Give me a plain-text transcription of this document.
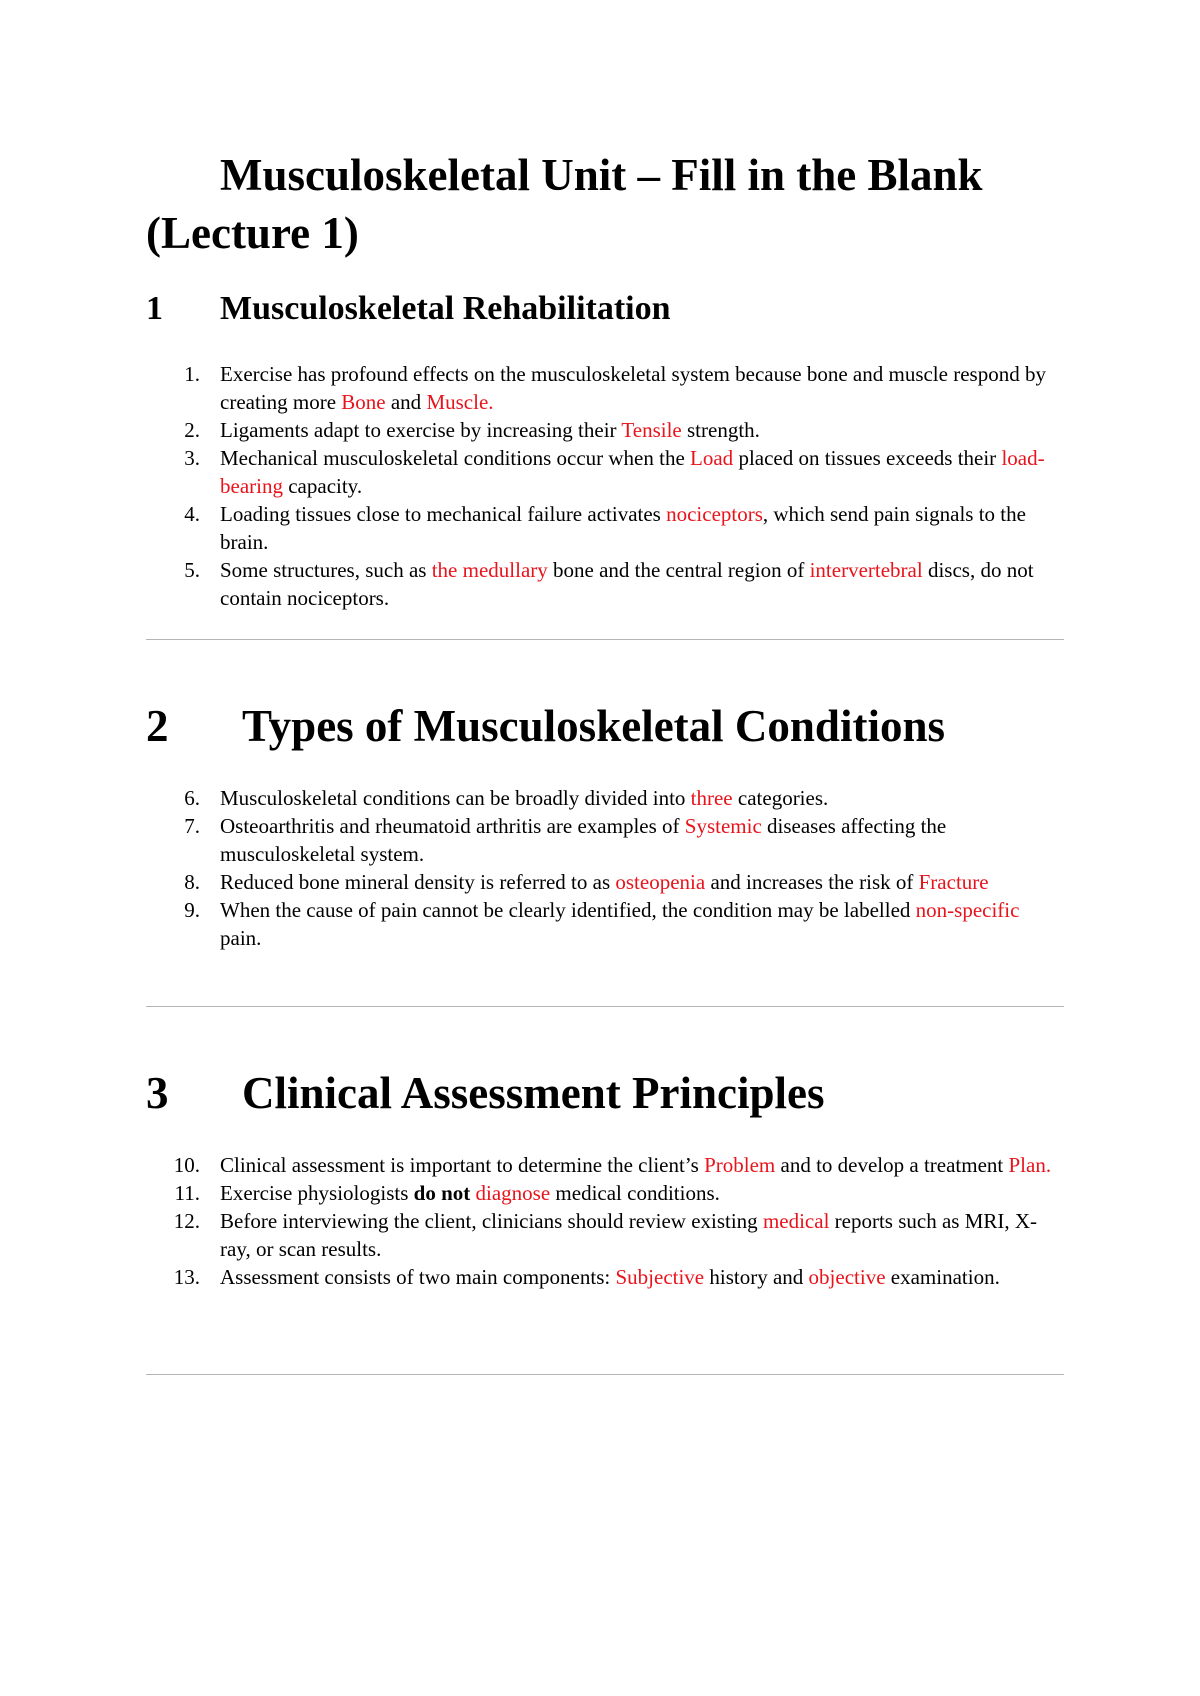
Musculoskeletal Unit – Fill in the Blank (Lecture 1)
1 Musculoskeletal Rehabilitation
1. Exercise has profound effects on the musculoskeletal system because bone and muscle respond by creating more Bone and Muscle.
2. Ligaments adapt to exercise by increasing their Tensile strength.
3. Mechanical musculoskeletal conditions occur when the Load placed on tissues exceeds their load-bearing capacity.
4. Loading tissues close to mechanical failure activates nociceptors, which send pain signals to the brain.
5. Some structures, such as the medullary bone and the central region of intervertebral discs, do not contain nociceptors.
2 Types of Musculoskeletal Conditions
6. Musculoskeletal conditions can be broadly divided into three categories.
7. Osteoarthritis and rheumatoid arthritis are examples of Systemic diseases affecting the musculoskeletal system.
8. Reduced bone mineral density is referred to as osteopenia and increases the risk of Fracture
9. When the cause of pain cannot be clearly identified, the condition may be labelled non-specific pain.
3 Clinical Assessment Principles
10. Clinical assessment is important to determine the client’s Problem and to develop a treatment Plan.
11. Exercise physiologists do not diagnose medical conditions.
12. Before interviewing the client, clinicians should review existing medical reports such as MRI, X-ray, or scan results.
13. Assessment consists of two main components: Subjective history and objective examination.
